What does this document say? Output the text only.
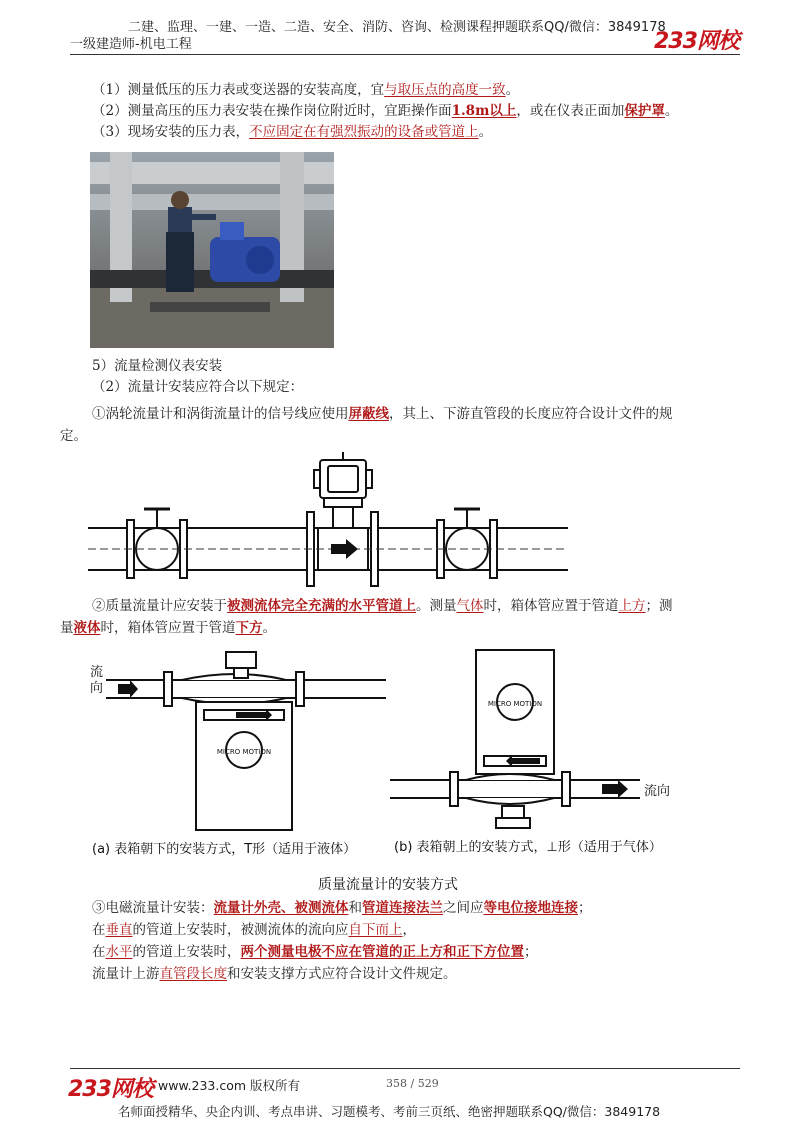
二建、监理、一建、一造、二造、安全、消防、咨询、检测课程押题联系QQ/微信：3849178
一级建造师-机电工程	233网校
（1）测量低压的压力表或变送器的安装高度，宜与取压点的高度一致。
（2）测量高压的压力表安装在操作岗位附近时，宜距操作面1.8m以上，或在仪表正面加保护罩。
（3）现场安装的压力表，不应固定在有强烈振动的设备或管道上。
5）流量检测仪表安装
（2）流量计安装应符合以下规定：
①涡轮流量计和涡街流量计的信号线应使用屏蔽线，其上、下游直管段的长度应符合设计文件的规
定。
②质量流量计应安装于被测流体完全充满的水平管道上。测量气体时，箱体管应置于管道上方；测
量液体时，箱体管应置于管道下方。
MICRO MOTION
流向
MICRO MOTION
流向
(a) 表箱朝下的安装方式，T形（适用于液体）	(b) 表箱朝上的安装方式，⊥形（适用于气体）
质量流量计的安装方式
③电磁流量计安装：流量计外壳、被测流体和管道连接法兰之间应等电位接地连接；
在垂直的管道上安装时，被测流体的流向应自下而上，
在水平的管道上安装时，两个测量电极不应在管道的正上方和正下方位置；
流量计上游直管段长度和安装支撑方式应符合设计文件规定。
233网校 www.233.com 版权所有	358 / 529
名师面授精华、央企内训、考点串讲、习题模考、考前三页纸、绝密押题联系QQ/微信：3849178
